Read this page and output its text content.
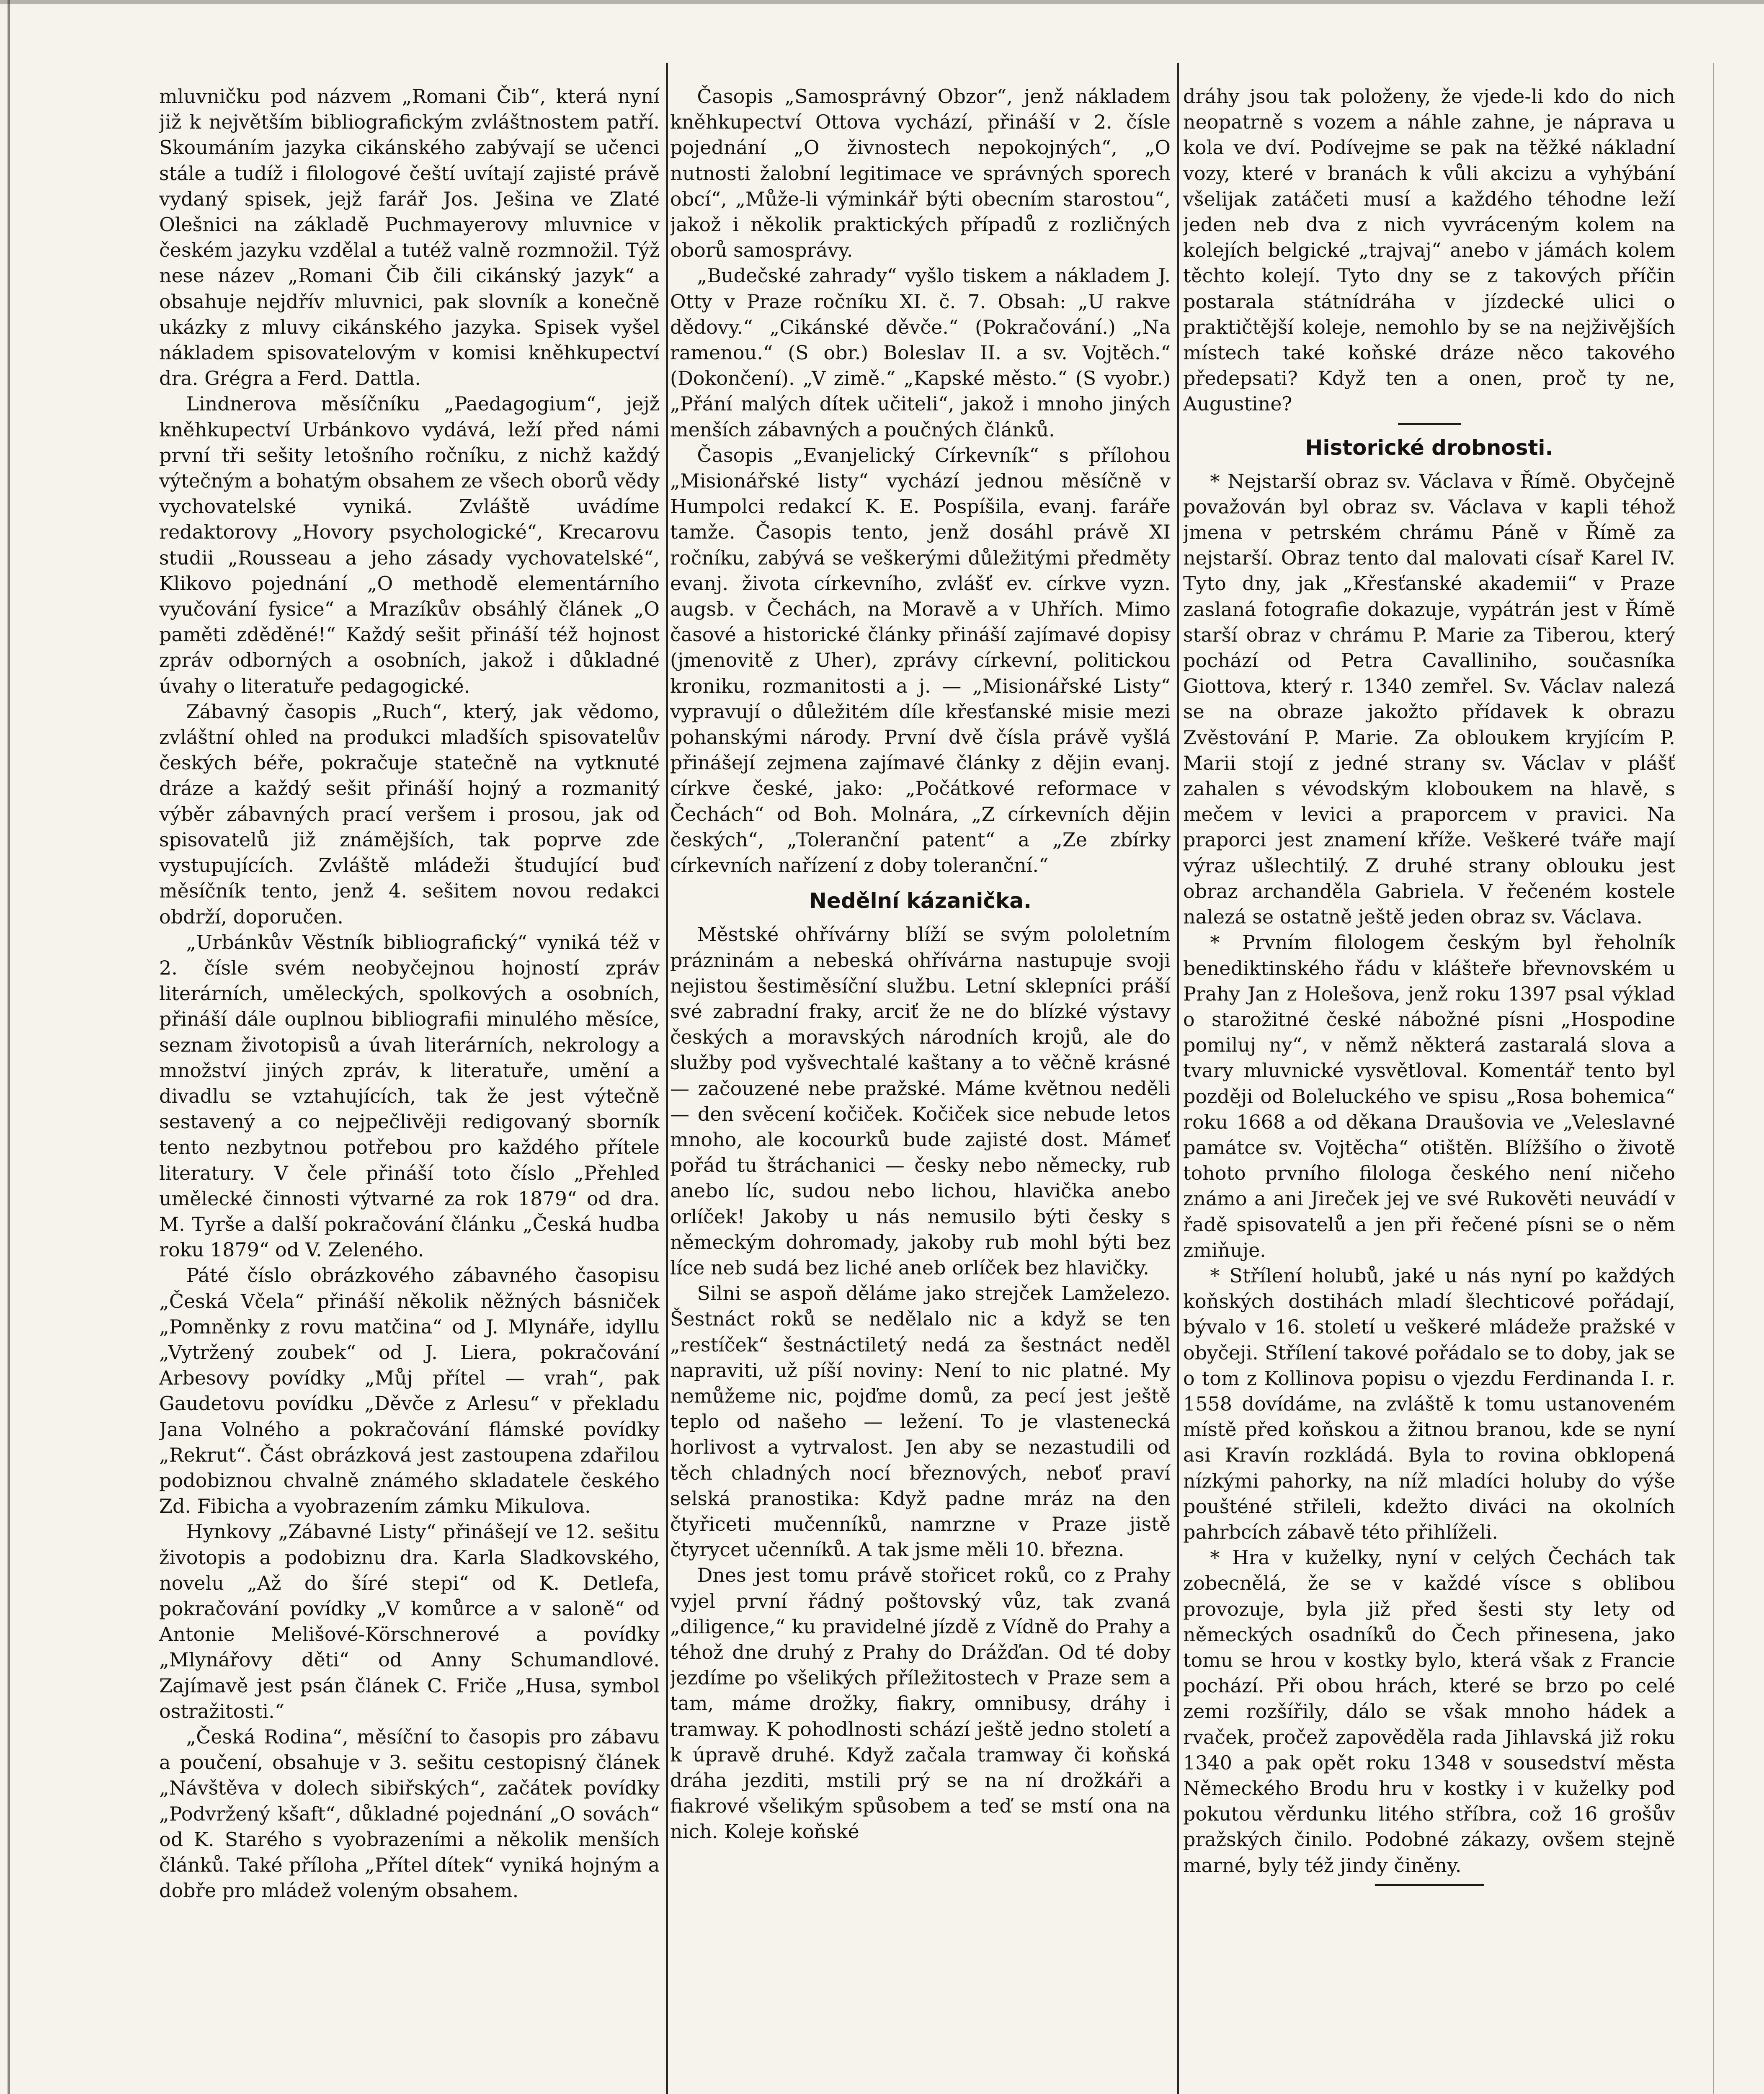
mluvničku pod názvem „Romani Čib“, která nyní již k největším bibliografickým zvláštnostem patří. Skoumáním jazyka cikánského zabývají se učenci stále a tudíž i filologové čeští uvítají zajisté právě vydaný spisek, jejž farář Jos. Ješina ve Zlaté Olešnici na základě Puchmayerovy mluvnice v českém jazyku vzdělal a tutéž valně rozmnožil. Týž nese název „Romani Čib čili cikánský jazyk“ a obsahuje nejdřív mluvnici, pak slovník a konečně ukázky z mluvy cikánského jazyka. Spisek vyšel nákladem spisovatelovým v komisi kněhkupectví dra. Grégra a Ferd. Dattla.

Lindnerova měsíčníku „Paedagogium“, jejž kněhkupectví Urbánkovo vydává, leží před námi první tři sešity letošního ročníku, z nichž každý výtečným a bohatým obsahem ze všech oborů vědy vychovatelské vyniká. Zvláště uvádíme redaktorovy „Hovory psychologické“, Krecarovu studii „Rousseau a jeho zásady vychovatelské“, Klikovo pojednání „O methodě elementárního vyučování fysice“ a Mrazíkův obsáhlý článek „O paměti zděděné!“ Každý sešit přináší též hojnost zpráv odborných a osobních, jakož i důkladné úvahy o literatuře pedagogické.

Zábavný časopis „Ruch“, který, jak vědomo, zvláštní ohled na produkci mladších spisovatelův českých béře, pokračuje statečně na vytknuté dráze a každý sešit přináší hojný a rozmanitý výběr zábavných prací veršem i prosou, jak od spisovatelů již známějších, tak poprve zde vystupujících. Zvláště mládeži študující buď měsíčník tento, jenž 4. sešitem novou redakci obdrží, doporučen.

„Urbánkův Věstník bibliografický“ vyniká též v 2. čísle svém neobyčejnou hojností zpráv literárních, uměleckých, spolkových a osobních, přináší dále ouplnou bibliografii minulého měsíce, seznam životopisů a úvah literárních, nekrology a množství jiných zpráv, k literatuře, umění a divadlu se vztahujících, tak že jest výtečně sestavený a co nejpečlivěji redigovaný sborník tento nezbytnou potřebou pro každého přítele literatury. V čele přináší toto číslo „Přehled umělecké činnosti výtvarné za rok 1879“ od dra. M. Tyrše a další pokračování článku „Česká hudba roku 1879“ od V. Zeleného.

Páté číslo obrázkového zábavného časopisu „Česká Včela“ přináší několik něžných básniček „Pomněnky z rovu matčina“ od J. Mlynáře, idyllu „Vytržený zoubek“ od J. Liera, pokračování Arbesovy povídky „Můj přítel — vrah“, pak Gaudetovu povídku „Děvče z Arlesu“ v překladu Jana Volného a pokračování flámské povídky „Rekrut“. Část obrázková jest zastoupena zdařilou podobiznou chvalně známého skladatele českého Zd. Fibicha a vyobrazením zámku Mikulova.

Hynkovy „Zábavné Listy“ přinášejí ve 12. sešitu životopis a podobiznu dra. Karla Sladkovského, novelu „Až do šíré stepi“ od K. Detlefa, pokračování povídky „V komůrce a v saloně“ od Antonie Melišové-Körschnerové a povídky „Mlynářovy děti“ od Anny Schumandlové. Zajímavě jest psán článek C. Friče „Husa, symbol ostražitosti.“

„Česká Rodina“, měsíční to časopis pro zábavu a poučení, obsahuje v 3. sešitu cestopisný článek „Návštěva v dolech sibiřských“, začátek povídky „Podvržený kšaft“, důkladné pojednání „O sovách“ od K. Starého s vyobrazeními a několik menších článků. Také příloha „Přítel dítek“ vyniká hojným a dobře pro mládež voleným obsahem.

Časopis „Samosprávný Obzor“, jenž nákladem kněhkupectví Ottova vychází, přináší v 2. čísle pojednání „O živnostech nepokojných“, „O nutnosti žalobní legitimace ve správných sporech obcí“, „Může-li výminkář býti obecním starostou“, jakož i několik praktických případů z rozličných oborů samosprávy.

„Budečské zahrady“ vyšlo tiskem a nákladem J. Otty v Praze ročníku XI. č. 7. Obsah: „U rakve dědovy.“ „Cikánské děvče.“ (Pokračování.) „Na ramenou.“ (S obr.) Boleslav II. a sv. Vojtěch.“ (Dokončení). „V zimě.“ „Kapské město.“ (S vyobr.) „Přání malých dítek učiteli“, jakož i mnoho jiných menších zábavných a poučných článků.

Časopis „Evanjelický Církevník“ s přílohou „Misionářské listy“ vychází jednou měsíčně v Humpolci redakcí K. E. Pospíšila, evanj. faráře tamže. Časopis tento, jenž dosáhl právě XI ročníku, zabývá se veškerými důležitými předměty evanj. života církevního, zvlášť ev. církve vyzn. augsb. v Čechách, na Moravě a v Uhřích. Mimo časové a historické články přináší zajímavé dopisy (jmenovitě z Uher), zprávy církevní, politickou kroniku, rozmanitosti a j. — „Misionářské Listy“ vypravují o důležitém díle křesťanské misie mezi pohanskými národy. První dvě čísla právě vyšlá přinášejí zejmena zajímavé články z dějin evanj. církve české, jako: „Počátkové reformace v Čechách“ od Boh. Molnára, „Z církevních dějin českých“, „Toleranční patent“ a „Ze zbírky církevních nařízení z doby toleranční.“

Nedělní kázanička.

Městské ohřívárny blíží se svým pololetním prázninám a nebeská ohřívárna nastupuje svoji nejistou šestiměsíční službu. Letní sklepníci práší své zabradní fraky, arciť že ne do blízké výstavy českých a moravských národních krojů, ale do služby pod vyšvechtalé kaštany a to věčně krásné — začouzené nebe pražské. Máme květnou neděli — den svěcení kočiček. Kočiček sice nebude letos mnoho, ale kocourků bude zajisté dost. Mámeť pořád tu štráchanici — česky nebo německy, rub anebo líc, sudou nebo lichou, hlavička anebo orlíček! Jakoby u nás nemusilo býti česky s německým dohromady, jakoby rub mohl býti bez líce neb sudá bez liché aneb orlíček bez hlavičky.

Silni se aspoň děláme jako strejček Lamželezo. Šestnáct roků se nedělalo nic a když se ten „restíček“ šestnáctiletý nedá za šestnáct neděl napraviti, už píší noviny: Není to nic platné. My nemůžeme nic, pojďme domů, za pecí jest ještě teplo od našeho — ležení. To je vlastenecká horlivost a vytrvalost. Jen aby se nezastudili od těch chladných nocí březnových, neboť praví selská pranostika: Když padne mráz na den čtyřiceti mučenníků, namrzne v Praze jistě čtyrycet učenníků. A tak jsme měli 10. března.

Dnes jest tomu právě stořicet roků, co z Prahy vyjel první řádný poštovský vůz, tak zvaná „diligence,“ ku pravidelné jízdě z Vídně do Prahy a téhož dne druhý z Prahy do Drážďan. Od té doby jezdíme po všelikých příležitostech v Praze sem a tam, máme drožky, fiakry, omnibusy, dráhy i tramway. K pohodlnosti schází ještě jedno století a k úpravě druhé. Když začala tramway či koňská dráha jezditi, mstili prý se na ní drožkáři a fiakrové všelikým spůsobem a teď se mstí ona na nich. Koleje koňské

dráhy jsou tak položeny, že vjede-li kdo do nich neopatrně s vozem a náhle zahne, je náprava u kola ve dví. Podívejme se pak na těžké nákladní vozy, které v branách k vůli akcizu a vyhýbání všelijak zatáčeti musí a každého téhodne leží jeden neb dva z nich vyvráceným kolem na kolejích belgické „trajvaj“ anebo v jámách kolem těchto kolejí. Tyto dny se z takových příčin postarala státnídráha v jízdecké ulici o praktičtější koleje, nemohlo by se na nejživějších místech také koňské dráze něco takového předepsati? Když ten a onen, proč ty ne, Augustine?

Historické drobnosti.

* Nejstarší obraz sv. Václava v Římě. Obyčejně považován byl obraz sv. Václava v kapli téhož jmena v petrském chrámu Páně v Římě za nejstarší. Obraz tento dal malovati císař Karel IV. Tyto dny, jak „Křesťanské akademii“ v Praze zaslaná fotografie dokazuje, vypátrán jest v Římě starší obraz v chrámu P. Marie za Tiberou, který pochází od Petra Cavalliniho, současníka Giottova, který r. 1340 zemřel. Sv. Václav nalezá se na obraze jakožto přídavek k obrazu Zvěstování P. Marie. Za obloukem kryjícím P. Marii stojí z jedné strany sv. Václav v plášť zahalen s vévodským kloboukem na hlavě, s mečem v levici a praporcem v pravici. Na praporci jest znamení kříže. Veškeré tváře mají výraz ušlechtilý. Z druhé strany oblouku jest obraz archanděla Gabriela. V řečeném kostele nalezá se ostatně ještě jeden obraz sv. Václava.

* Prvním filologem českým byl řeholník benediktinského řádu v klášteře břevnovském u Prahy Jan z Holešova, jenž roku 1397 psal výklad o starožitné české nábožné písni „Hospodine pomiluj ny“, v němž některá zastaralá slova a tvary mluvnické vysvětloval. Komentář tento byl později od Boleluckého ve spisu „Rosa bohemica“ roku 1668 a od děkana Draušovia ve „Veleslavné památce sv. Vojtěcha“ otištěn. Blížšího o životě tohoto prvního filologa českého není ničeho známo a ani Jireček jej ve své Rukověti neuvádí v řadě spisovatelů a jen při řečené písni se o něm zmiňuje.

* Střílení holubů, jaké u nás nyní po každých koňských dostihách mladí šlechticové pořádají, bývalo v 16. století u veškeré mládeže pražské v obyčeji. Střílení takové pořádalo se to doby, jak se o tom z Kollinova popisu o vjezdu Ferdinanda I. r. 1558 dovídáme, na zvláště k tomu ustanoveném místě před koňskou a žitnou branou, kde se nyní asi Kravín rozkládá. Byla to rovina obklopená nízkými pahorky, na níž mladíci holuby do výše poušténé střileli, kdežto diváci na okolních pahrbcích zábavě této přihlíželi.

* Hra v kuželky, nyní v celých Čechách tak zobecnělá, že se v každé vísce s oblibou provozuje, byla již před šesti sty lety od německých osadníků do Čech přinesena, jako tomu se hrou v kostky bylo, která však z Francie pochází. Při obou hrách, které se brzo po celé zemi rozšířily, dálo se však mnoho hádek a rvaček, pročež zapověděla rada Jihlavská již roku 1340 a pak opět roku 1348 v sousedství města Německého Brodu hru v kostky i v kuželky pod pokutou věrdunku litého stříbra, což 16 grošův pražských činilo. Podobné zákazy, ovšem stejně marné, byly též jindy činěny.
